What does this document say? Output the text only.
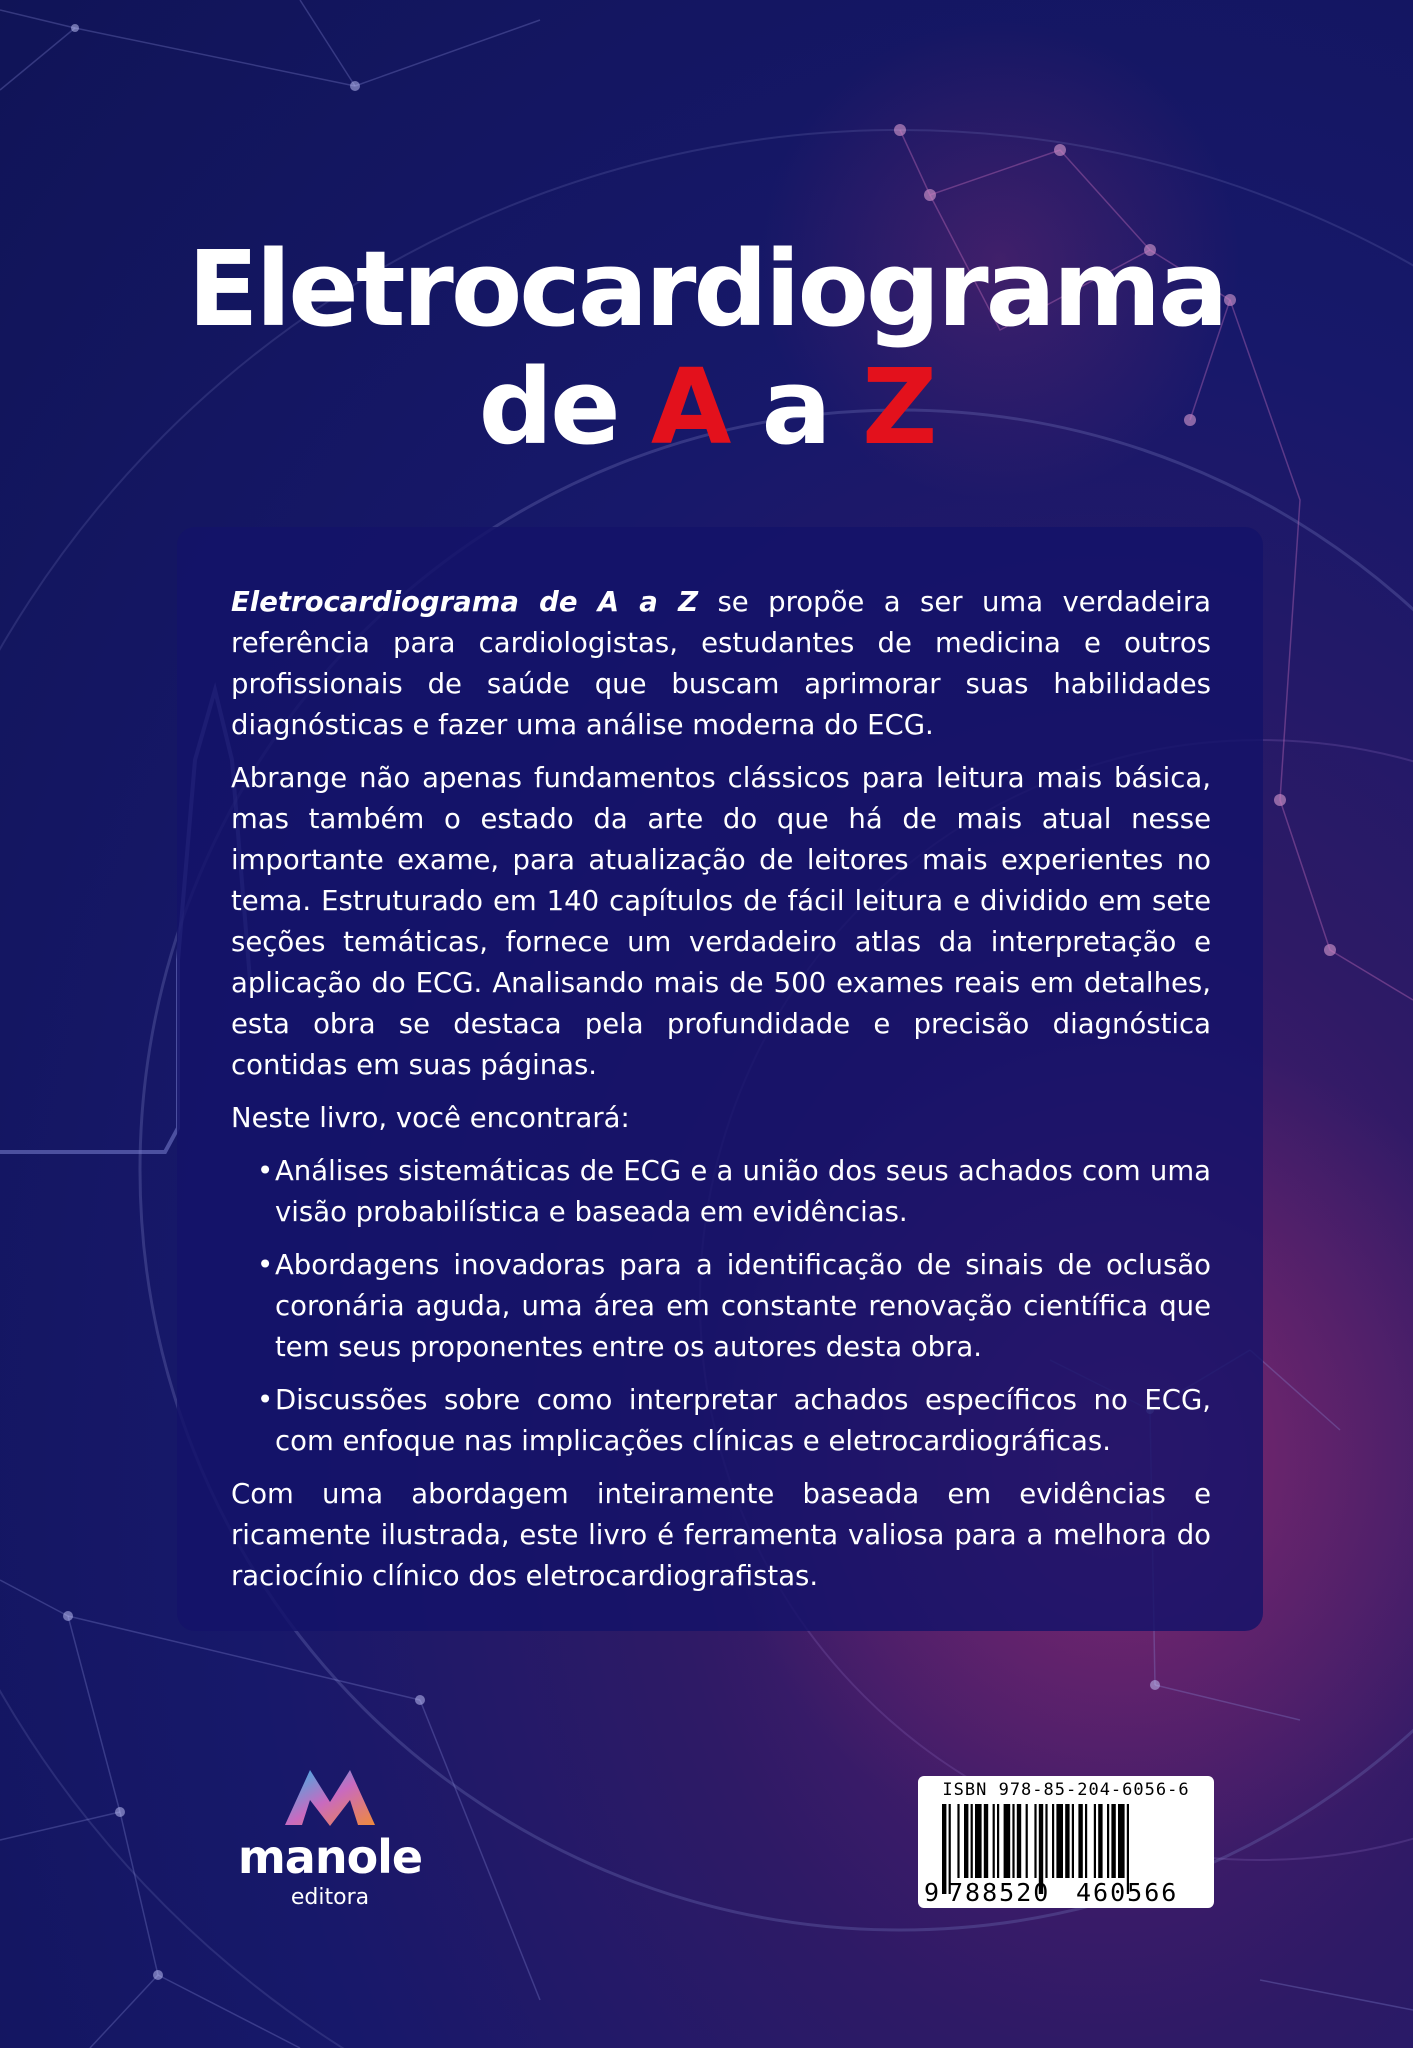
Eletrocardiograma
de A a Z

Eletrocardiograma de A a Z se propõe a ser uma verdadeira referência para cardiologistas, estudantes de medicina e outros profissionais de saúde que buscam aprimorar suas habilidades diagnósticas e fazer uma análise moderna do ECG.

Abrange não apenas fundamentos clássicos para leitura mais básica, mas também o estado da arte do que há de mais atual nesse importante exame, para atualização de leitores mais experientes no tema. Estruturado em 140 capítulos de fácil leitura e dividido em sete seções temáticas, fornece um verdadeiro atlas da interpretação e aplicação do ECG. Analisando mais de 500 exames reais em detalhes, esta obra se destaca pela profundidade e precisão diagnóstica contidas em suas páginas.

Neste livro, você encontrará:

• Análises sistemáticas de ECG e a união dos seus achados com uma visão probabilística e baseada em evidências.
• Abordagens inovadoras para a identificação de sinais de oclusão coronária aguda, uma área em constante renovação científica que tem seus proponentes entre os autores desta obra.
• Discussões sobre como interpretar achados específicos no ECG, com enfoque nas implicações clínicas e eletrocardiográficas.

Com uma abordagem inteiramente baseada em evidências e ricamente ilustrada, este livro é ferramenta valiosa para a melhora do raciocínio clínico dos eletrocardiografistas.

manole
editora
ISBN 978-85-204-6056-6
9 788520 460566
